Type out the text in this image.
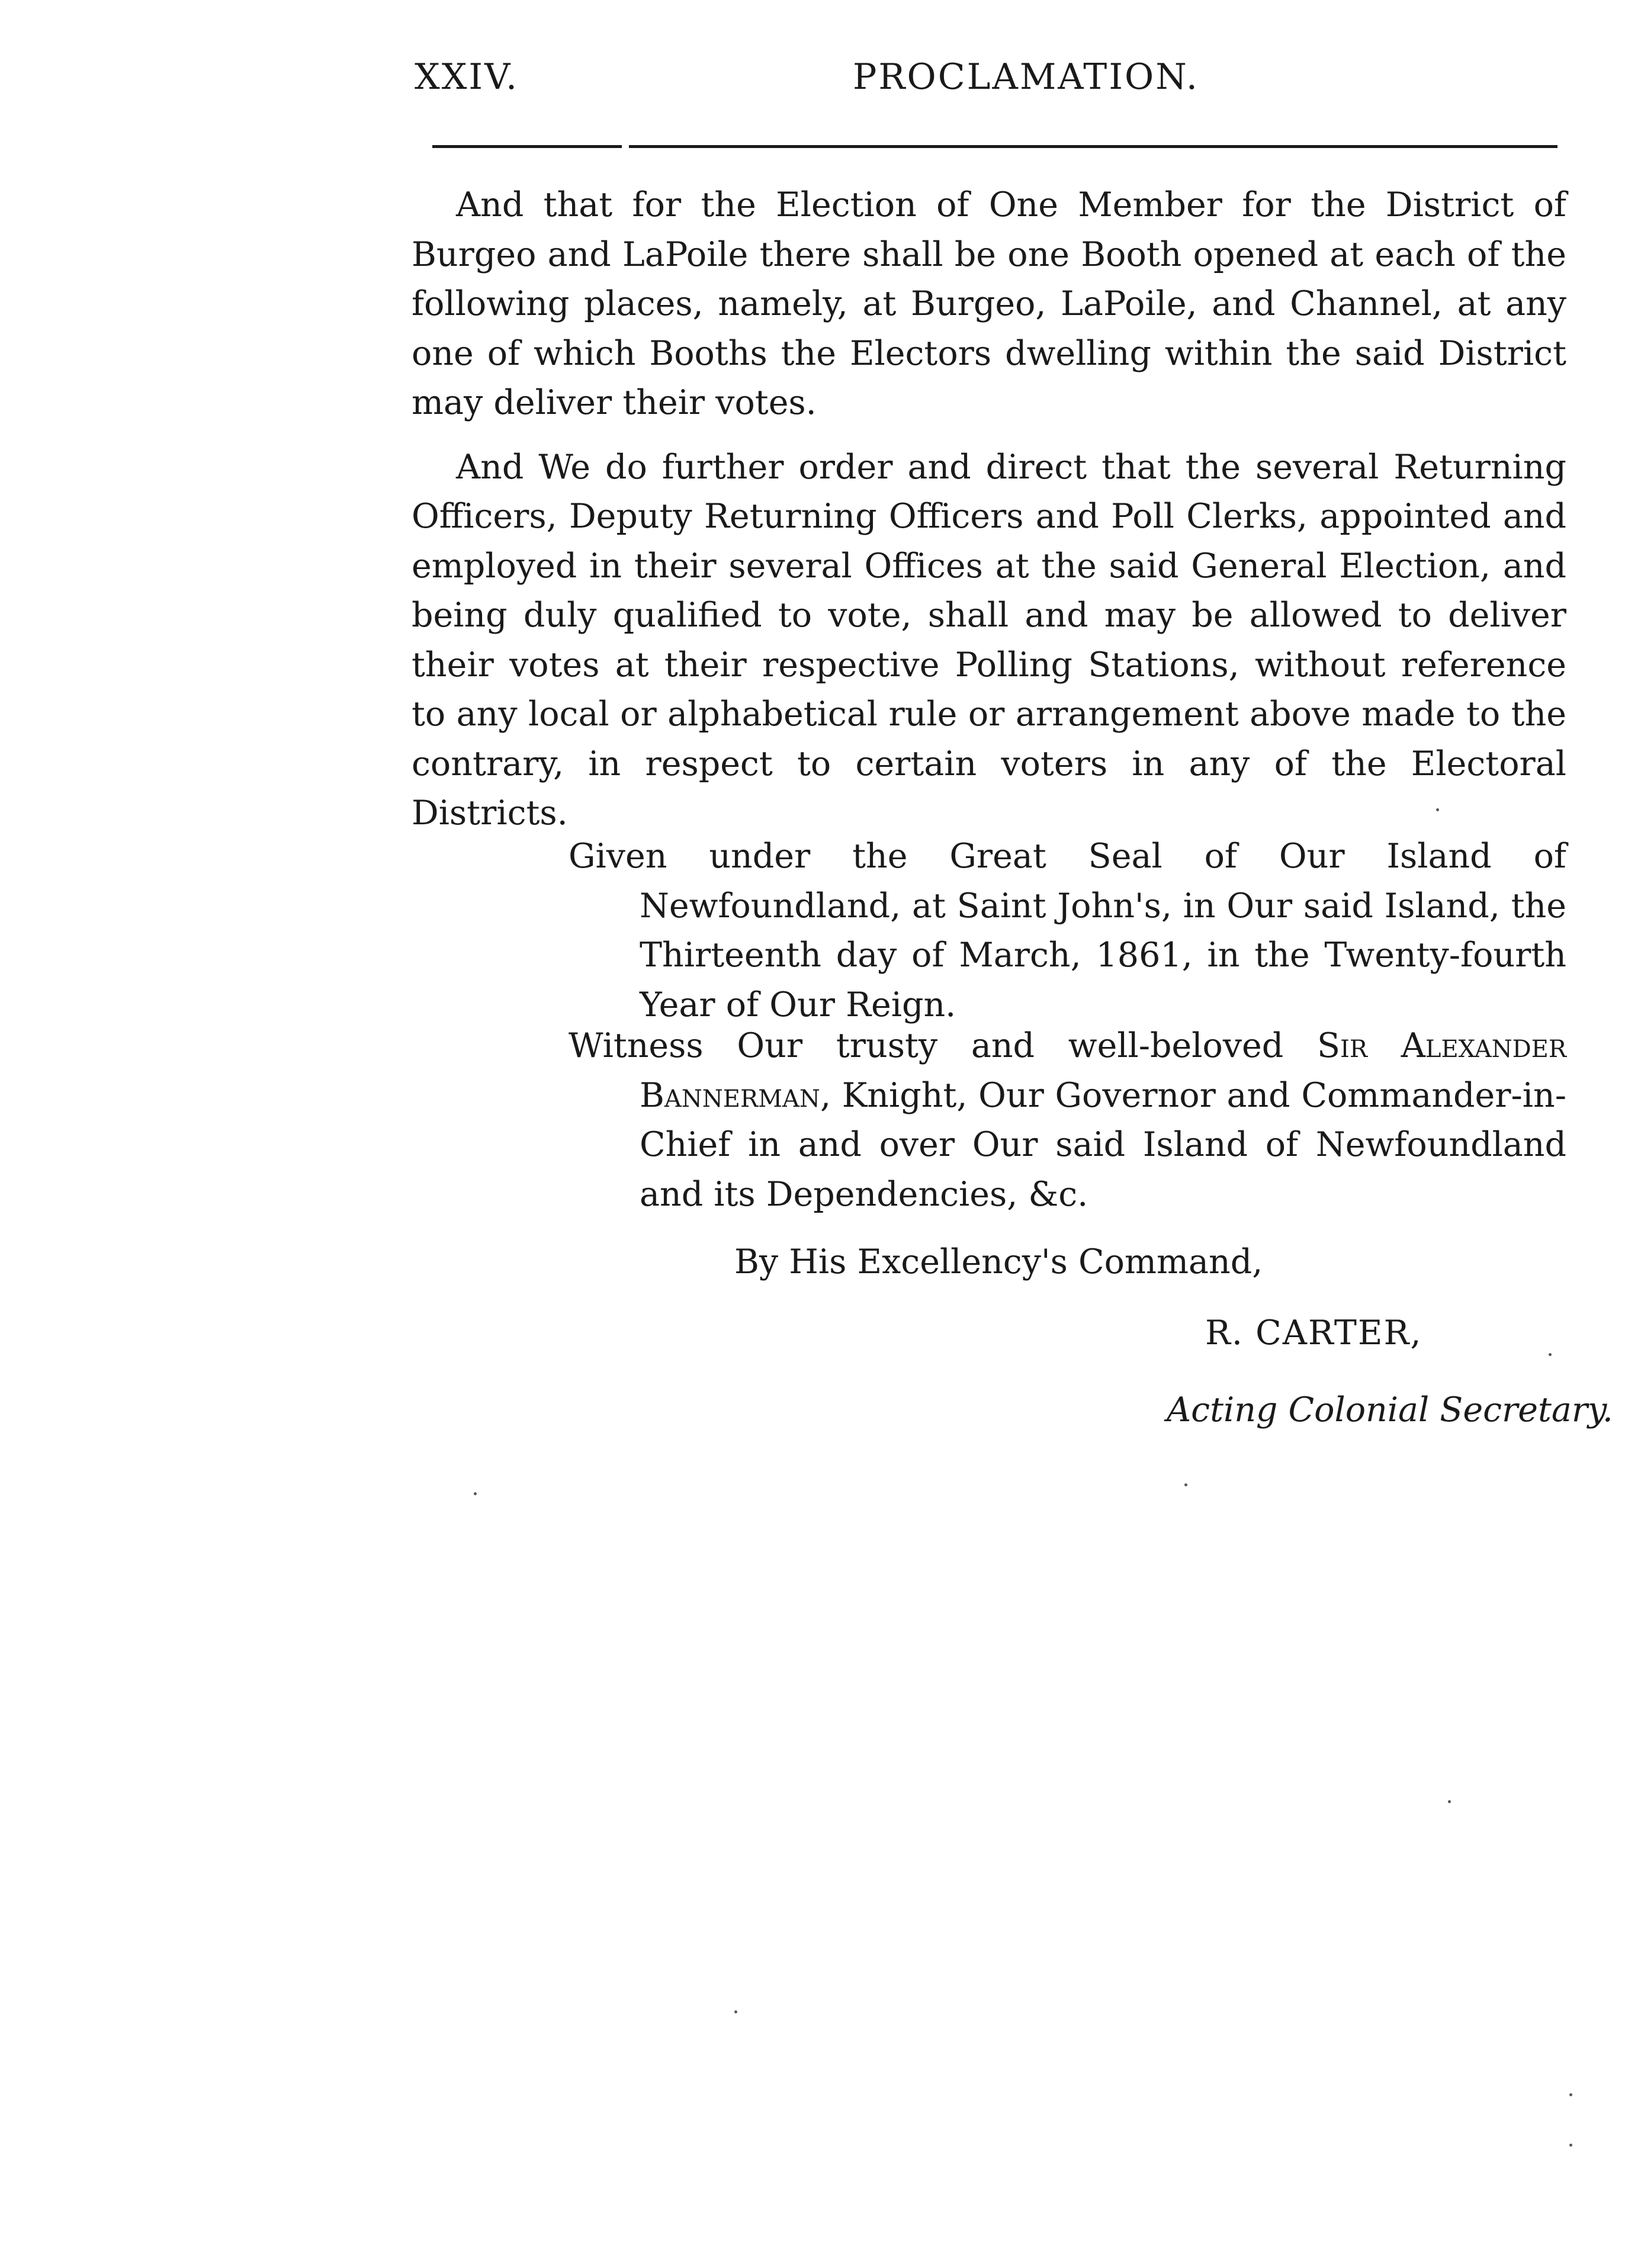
XXIV.	PROCLAMATION.

And that for the Election of One Member for the District of Burgeo and LaPoile there shall be one Booth opened at each of the following places, namely, at Burgeo, LaPoile, and Channel, at any one of which Booths the Electors dwelling within the said District may deliver their votes.

And We do further order and direct that the several Returning Officers, Deputy Returning Officers and Poll Clerks, appointed and employed in their several Offices at the said General Election, and being duly qualified to vote, shall and may be allowed to deliver their votes at their respective Polling Stations, without reference to any local or alphabetical rule or arrangement above made to the contrary, in respect to certain voters in any of the Electoral Districts.

Given under the Great Seal of Our Island of Newfoundland, at Saint John's, in Our said Island, the Thirteenth day of March, 1861, in the Twenty-fourth Year of Our Reign.

Witness Our trusty and well-beloved Sir Alexander Bannerman, Knight, Our Governor and Commander-in-Chief in and over Our said Island of Newfoundland and its Dependencies, &c.

By His Excellency's Command,
R. CARTER,
Acting Colonial Secretary.
